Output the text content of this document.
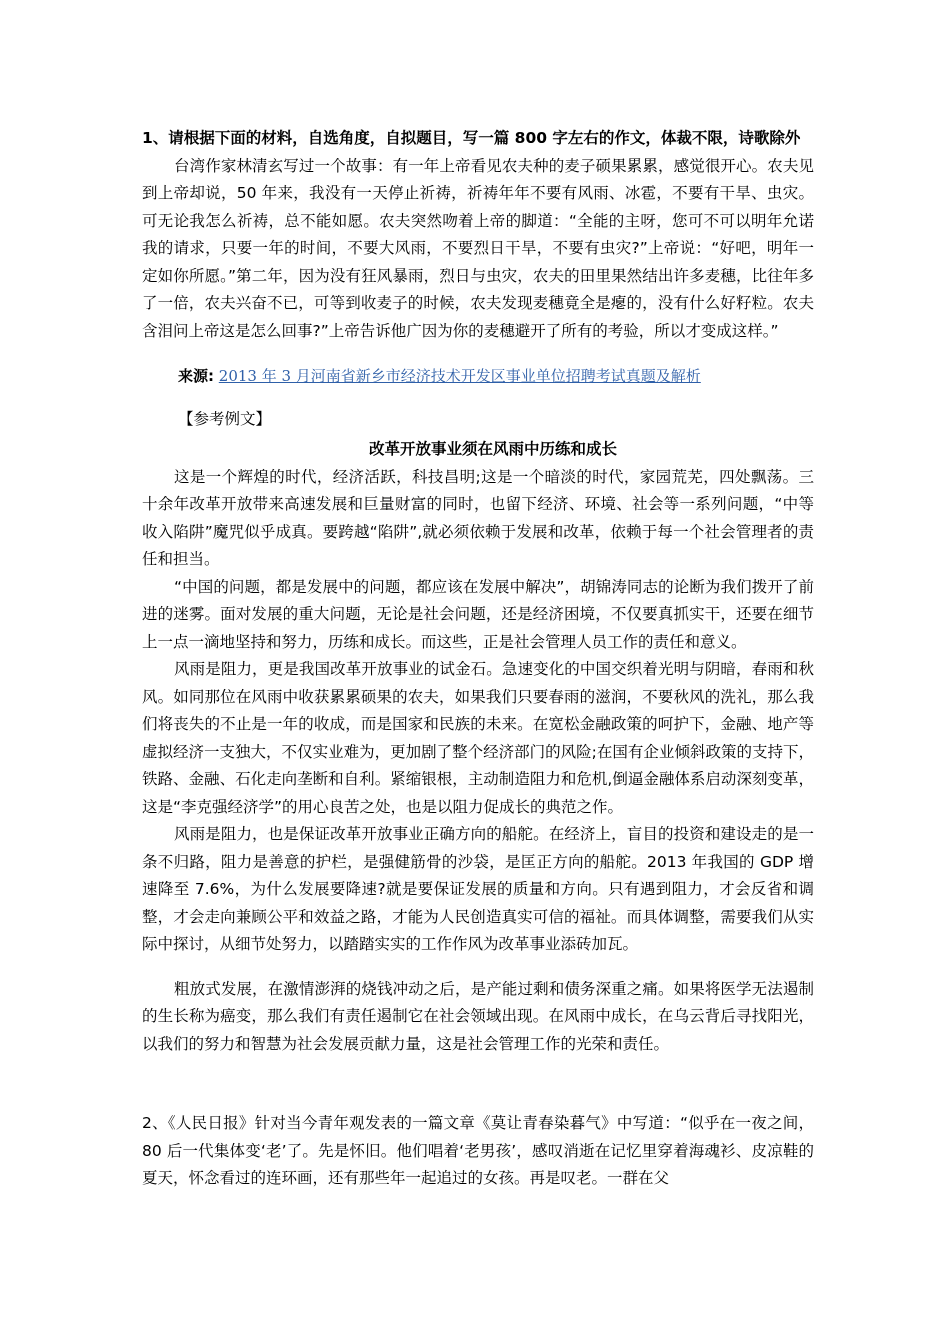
1、请根据下面的材料，自选角度，自拟题目，写一篇 800 字左右的作文，体裁不限，诗歌除外

台湾作家林清玄写过一个故事：有一年上帝看见农夫种的麦子硕果累累，感觉很开心。农夫见到上帝却说，50 年来，我没有一天停止祈祷，祈祷年年不要有风雨、冰雹，不要有干旱、虫灾。可无论我怎么祈祷，总不能如愿。农夫突然吻着上帝的脚道：“全能的主呀，您可不可以明年允诺我的请求，只要一年的时间，不要大风雨，不要烈日干旱，不要有虫灾?”上帝说：“好吧，明年一定如你所愿。”第二年，因为没有狂风暴雨，烈日与虫灾，农夫的田里果然结出许多麦穗，比往年多了一倍，农夫兴奋不已，可等到收麦子的时候，农夫发现麦穗竟全是瘪的，没有什么好籽粒。农夫含泪问上帝这是怎么回事?”上帝告诉他广因为你的麦穗避开了所有的考验，所以才变成这样。”

来源: 2013 年 3 月河南省新乡市经济技术开发区事业单位招聘考试真题及解析

【参考例文】

改革开放事业须在风雨中历练和成长

这是一个辉煌的时代，经济活跃，科技昌明;这是一个暗淡的时代，家园荒芜，四处飘荡。三十余年改革开放带来高速发展和巨量财富的同时，也留下经济、环境、社会等一系列问题，“中等收入陷阱”魔咒似乎成真。要跨越“陷阱”,就必须依赖于发展和改革，依赖于每一个社会管理者的责任和担当。

“中国的问题，都是发展中的问题，都应该在发展中解决”，胡锦涛同志的论断为我们拨开了前进的迷雾。面对发展的重大问题，无论是社会问题，还是经济困境，不仅要真抓实干，还要在细节上一点一滴地坚持和努力，历练和成长。而这些，正是社会管理人员工作的责任和意义。

风雨是阻力，更是我国改革开放事业的试金石。急速变化的中国交织着光明与阴暗，春雨和秋风。如同那位在风雨中收获累累硕果的农夫，如果我们只要春雨的滋润，不要秋风的洗礼，那么我们将丧失的不止是一年的收成，而是国家和民族的未来。在宽松金融政策的呵护下，金融、地产等虚拟经济一支独大，不仅实业难为，更加剧了整个经济部门的风险;在国有企业倾斜政策的支持下，铁路、金融、石化走向垄断和自利。紧缩银根，主动制造阻力和危机,倒逼金融体系启动深刻变革，这是“李克强经济学”的用心良苦之处，也是以阻力促成长的典范之作。

风雨是阻力，也是保证改革开放事业正确方向的船舵。在经济上，盲目的投资和建设走的是一条不归路，阻力是善意的护栏，是强健筋骨的沙袋，是匡正方向的船舵。2013 年我国的 GDP 增速降至 7.6%，为什么发展要降速?就是要保证发展的质量和方向。只有遇到阻力，才会反省和调整，才会走向兼顾公平和效益之路，才能为人民创造真实可信的福祉。而具体调整，需要我们从实际中探讨，从细节处努力，以踏踏实实的工作作风为改革事业添砖加瓦。

粗放式发展，在激情澎湃的烧钱冲动之后，是产能过剩和债务深重之痛。如果将医学无法遏制的生长称为癌变，那么我们有责任遏制它在社会领域出现。在风雨中成长，在乌云背后寻找阳光，以我们的努力和智慧为社会发展贡献力量，这是社会管理工作的光荣和责任。

2、《人民日报》针对当今青年观发表的一篇文章《莫让青春染暮气》中写道：“似乎在一夜之间，80 后一代集体变‘老’了。先是怀旧。他们唱着‘老男孩’，感叹消逝在记忆里穿着海魂衫、皮凉鞋的夏天，怀念看过的连环画，还有那些年一起追过的女孩。再是叹老。一群在父
